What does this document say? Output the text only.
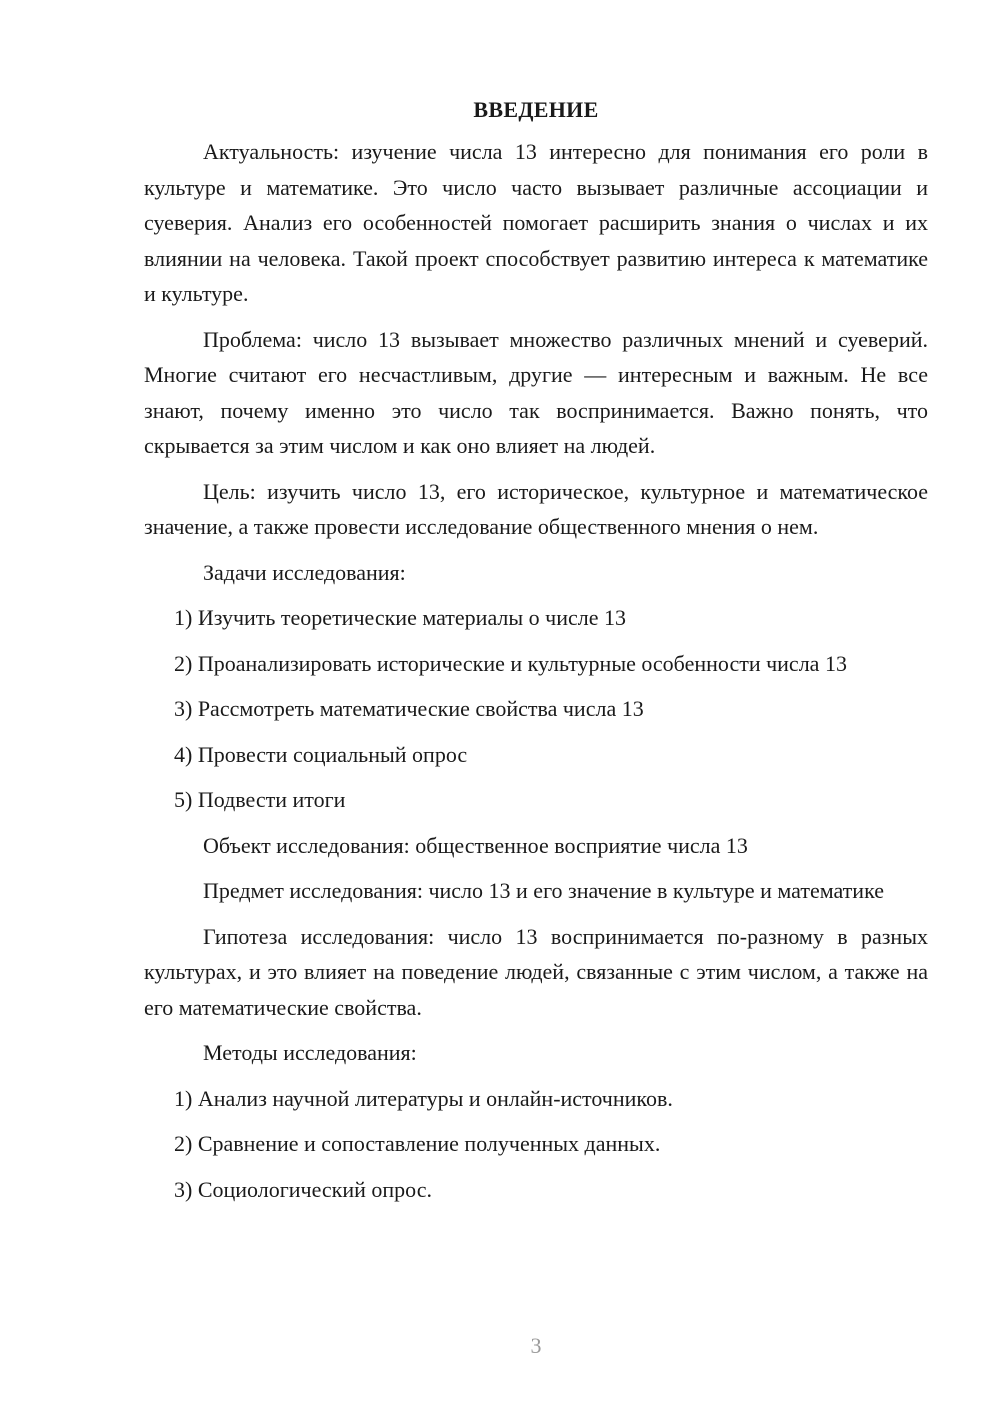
ВВЕДЕНИЕ

Актуальность: изучение числа 13 интересно для понимания его роли в культуре и математике. Это число часто вызывает различные ассоциации и суеверия. Анализ его особенностей помогает расширить знания о числах и их влиянии на человека. Такой проект способствует развитию интереса к математике и культуре.

Проблема: число 13 вызывает множество различных мнений и суеверий. Многие считают его несчастливым, другие — интересным и важным. Не все знают, почему именно это число так воспринимается. Важно понять, что скрывается за этим числом и как оно влияет на людей.

Цель: изучить число 13, его историческое, культурное и математическое значение, а также провести исследование общественного мнения о нем.

Задачи исследования:

1) Изучить теоретические материалы о числе 13

2) Проанализировать исторические и культурные особенности числа 13

3) Рассмотреть математические свойства числа 13

4) Провести социальный опрос

5) Подвести итоги

Объект исследования: общественное восприятие числа 13

Предмет исследования: число 13 и его значение в культуре и математике

Гипотеза исследования: число 13 воспринимается по-разному в разных культурах, и это влияет на поведение людей, связанные с этим числом, а также на его математические свойства.

Методы исследования:

1) Анализ научной литературы и онлайн-источников.

2) Сравнение и сопоставление полученных данных.

3) Социологический опрос.

3
